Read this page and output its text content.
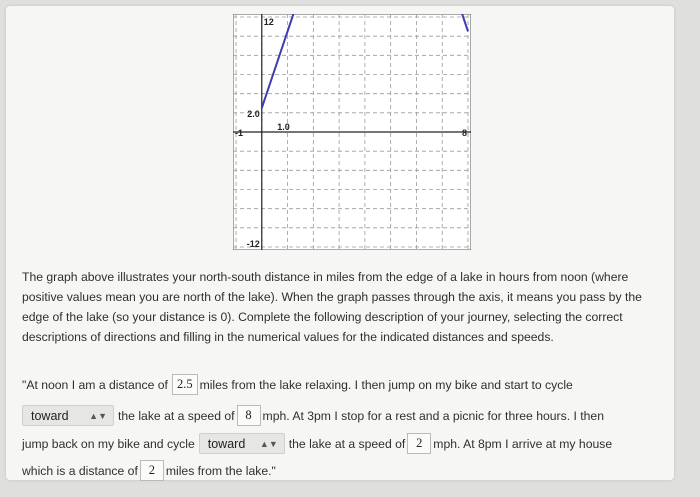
12
-12
-1	8
2.0
1.0
The graph above illustrates your north-south distance in miles from the edge of a lake in hours from noon (where positive values mean you are north of the lake). When the graph passes through the axis, it means you pass by the edge of the lake (so your distance is 0). Complete the following description of your journey, selecting the correct descriptions of directions and filling in the numerical values for the indicated distances and speeds.
"At noon I am a distance of 2.5 miles from the lake relaxing. I then jump on my bike and start to cycle
toward ▲▼ the lake at a speed of 8 mph. At 3pm I stop for a rest and a picnic for three hours. I then
jump back on my bike and cycle toward ▲▼ the lake at a speed of 2 mph. At 8pm I arrive at my house
which is a distance of 2 miles from the lake."
